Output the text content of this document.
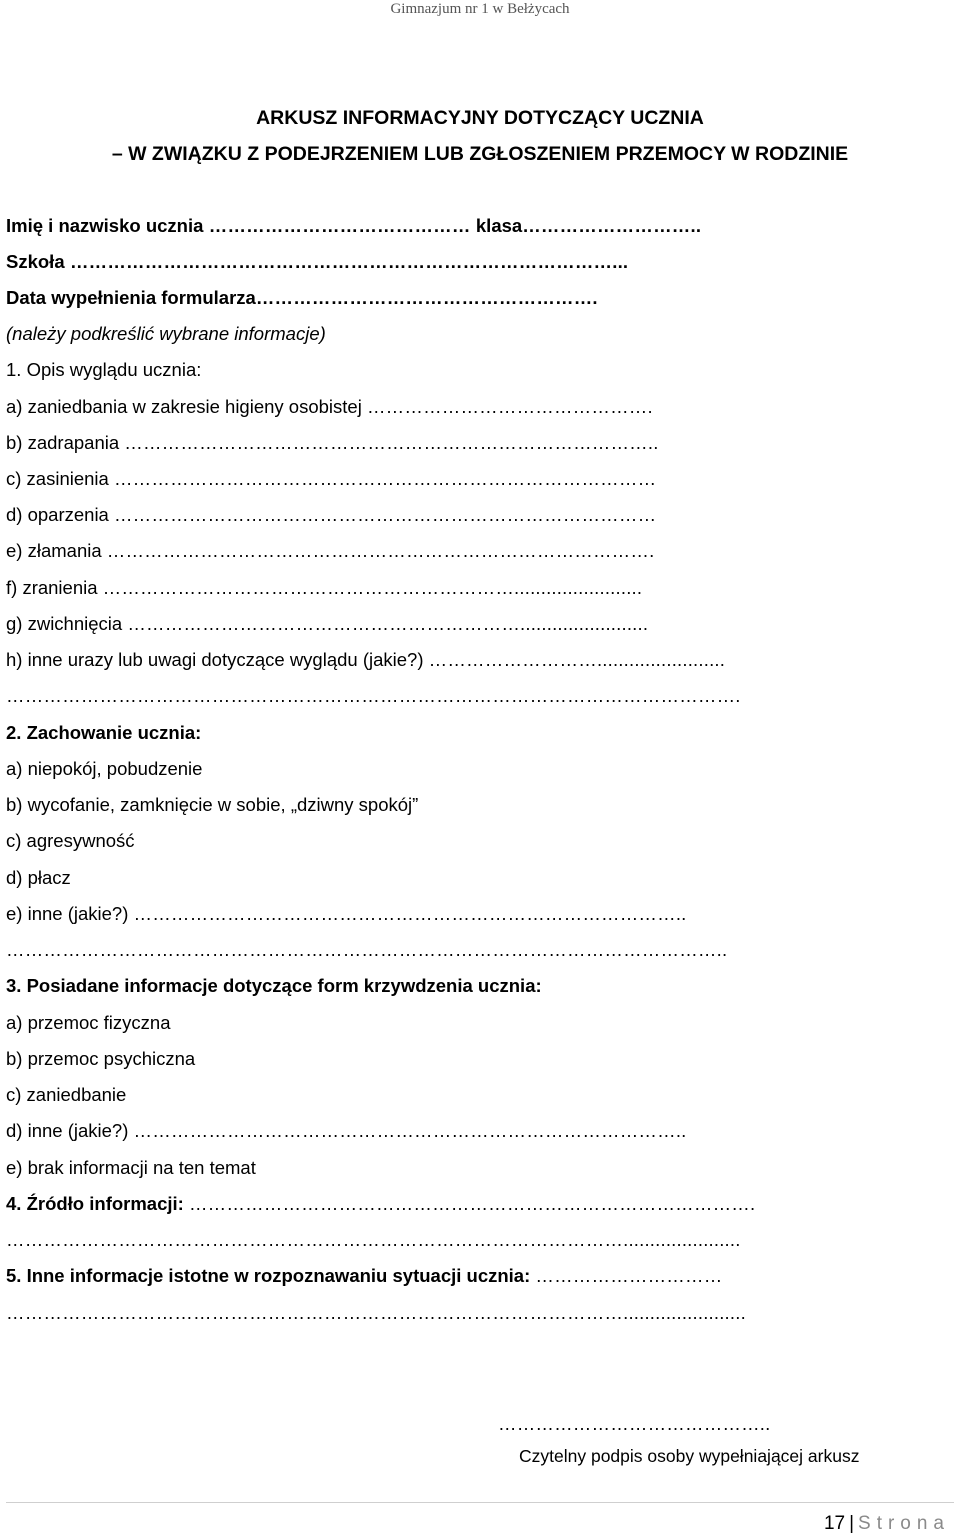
Gimnazjum nr 1 w Bełżycach
ARKUSZ INFORMACYJNY DOTYCZĄCY UCZNIA
– W ZWIĄZKU Z PODEJRZENIEM LUB ZGŁOSZENIEM PRZEMOCY W RODZINIE
Imię i nazwisko ucznia …………………………………… klasa………………………..
Szkoła ……………………………………………………………………………...
Data wypełnienia formularza……………………………………………….
(należy podkreślić wybrane informacje)
1. Opis wyglądu ucznia:
a) zaniedbania w zakresie higieny osobistej ……………………………………….
b) zadrapania …………………………………………………………………………..
c) zasinienia ……………………………………………………………………………
d) oparzenia ……………………………………………………………………………
e) złamania …………………………………………………………………………….
f) zranienia …………………………………………………………........................
g) zwichnięcia ………………………………………………………........................
h) inne urazy lub uwagi dotyczące wyglądu (jakie?) ………………………........................
……………………………………………………………………………………………………….
2. Zachowanie ucznia:
a) niepokój, pobudzenie
b) wycofanie, zamknięcie w sobie, „dziwny spokój”
c) agresywność
d) płacz
e) inne (jakie?) ……………………………………………………………………………..
……………………………………………………………………………………………………..
3. Posiadane informacje dotyczące form krzywdzenia ucznia:
a) przemoc fizyczna
b) przemoc psychiczna
c) zaniedbanie
d) inne (jakie?) ……………………………………………………………………………..
e) brak informacji na ten temat
4. Źródło informacji: ……………………………………………………………………………….
………………………………………………………………………………………......................
5. Inne informacje istotne w rozpoznawaniu sytuacji ucznia: …………………………
……………………………………………………………………………………….......................
……………………………………..
Czytelny podpis osoby wypełniającej arkusz
17 | Strona
